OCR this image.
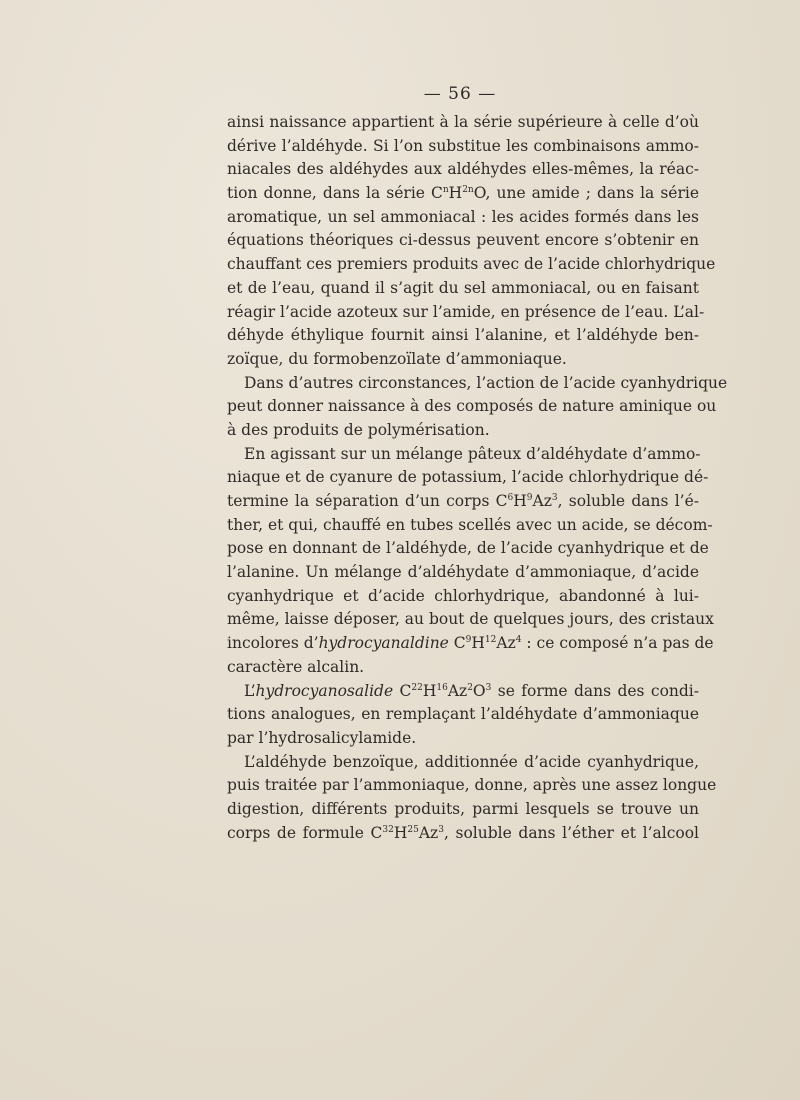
— 56 —
ainsi naissance appartient à la série supérieure à celle d’où
dérive l’aldéhyde. Si l’on substitue les combinaisons ammo-
niacales des aldéhydes aux aldéhydes elles-mêmes, la réac-
tion donne, dans la série $C^nH^{2n}O$, une amide ; dans la série
aromatique, un sel ammoniacal : les acides formés dans les
équations théoriques ci-dessus peuvent encore s’obtenir en
chauffant ces premiers produits avec de l’acide chlorhydrique
et de l’eau, quand il s’agit du sel ammoniacal, ou en faisant
réagir l’acide azoteux sur l’amide, en présence de l’eau. L’al-
déhyde éthylique fournit ainsi l’alanine, et l’aldéhyde ben-
zoïque, du formobenzoïlate d’ammoniaque.
Dans d’autres circonstances, l’action de l’acide cyanhydrique
peut donner naissance à des composés de nature aminique ou
à des produits de polymérisation.
En agissant sur un mélange pâteux d’aldéhydate d’ammo-
niaque et de cyanure de potassium, l’acide chlorhydrique dé-
termine la séparation d’un corps $C^6H^9Az^3$, soluble dans l’é-
ther, et qui, chauffé en tubes scellés avec un acide, se décom-
pose en donnant de l’aldéhyde, de l’acide cyanhydrique et de
l’alanine. Un mélange d’aldéhydate d’ammoniaque, d’acide
cyanhydrique et d’acide chlorhydrique, abandonné à lui-
même, laisse déposer, au bout de quelques jours, des cristaux
incolores d’hydrocyanaldine $C^9H^{12}Az^4$ : ce composé n’a pas de
caractère alcalin.
L’hydrocyanosalide $C^{22}H^{16}Az^2O^3$ se forme dans des condi-
tions analogues, en remplaçant l’aldéhydate d’ammoniaque
par l’hydrosalicylamide.
L’aldéhyde benzoïque, additionnée d’acide cyanhydrique,
puis traitée par l’ammoniaque, donne, après une assez longue
digestion, différents produits, parmi lesquels se trouve un
corps de formule $C^{32}H^{25}Az^3$, soluble dans l’éther et l’alcool
